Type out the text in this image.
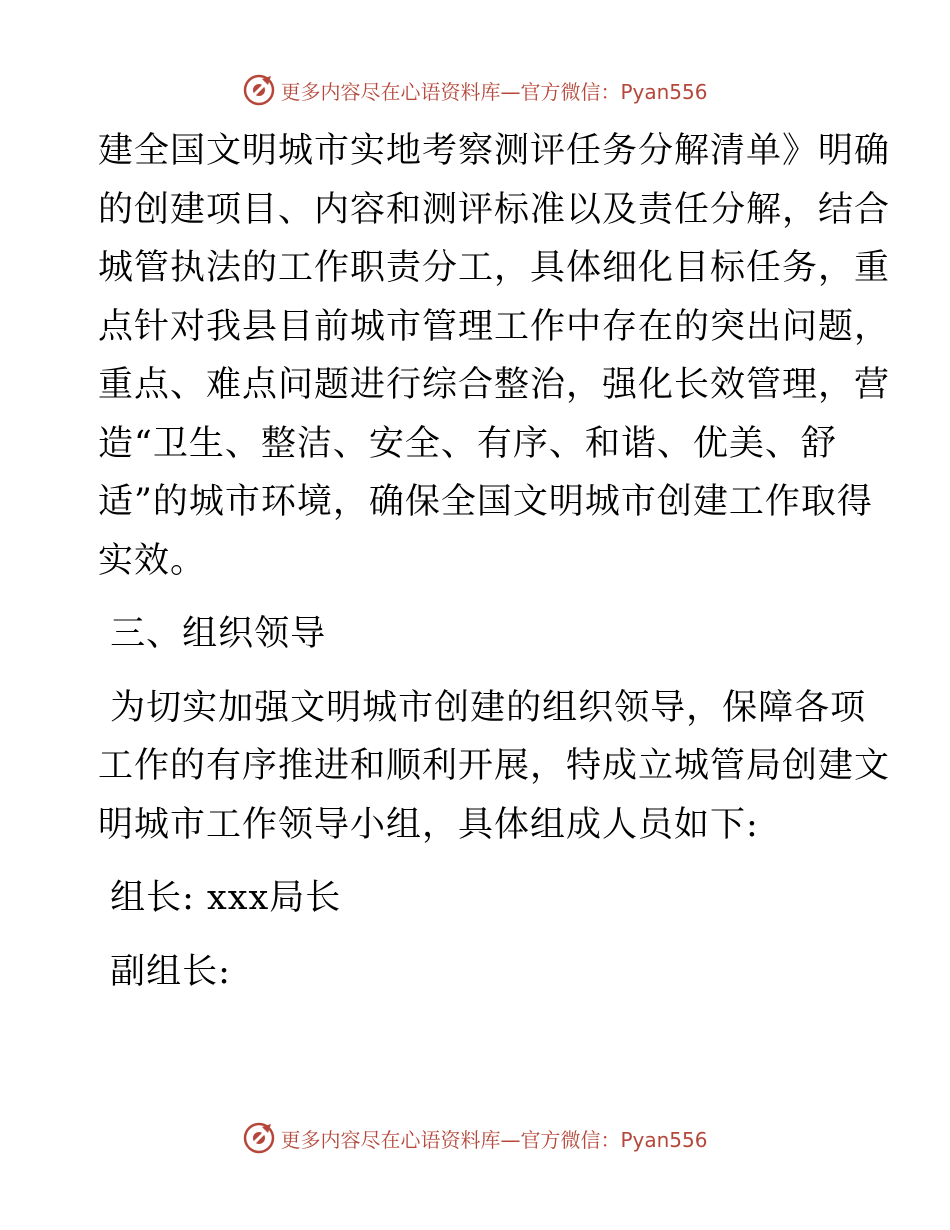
更多内容尽在心语资料库 —官方微信：Pyan556

建全国文明城市实地考察测评任务分解清单》明确

的创建项目、内容和测评标准以及责任分解，结合

城管执法的工作职责分工，具体细化目标任务，重

点针对我县目前城市管理工作中存在的突出问题，

重点、难点问题进行综合整治，强化长效管理，营

造“卫生、整洁、安全、有序、和谐、优美、舒

适”的城市环境，确保全国文明城市创建工作取得

实效。

三、组织领导

为切实加强文明城市创建的组织领导，保障各项

工作的有序推进和顺利开展，特成立城管局创建文

明城市工作领导小组，具体组成人员如下:

组长: xxx局长

副组长:

更多内容尽在心语资料库 —官方微信：Pyan556
